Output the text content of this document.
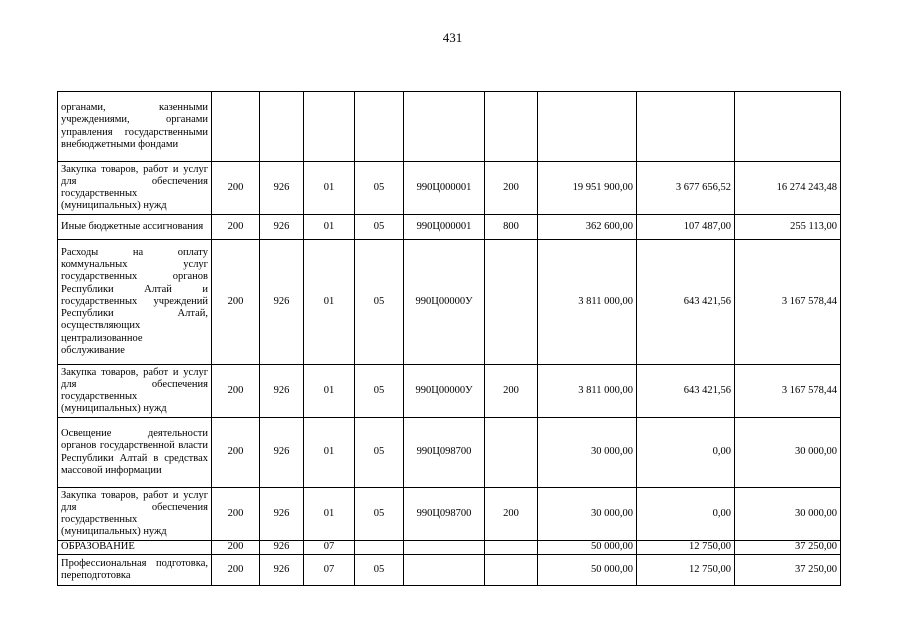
431
органами, казенными учреждениями, органами управления государственными внебюджетными фондами									
Закупка товаров, работ и услуг для обеспечения государственных (муниципальных) нужд	200	926	01	05	990Ц000001	200	19 951 900,00	3 677 656,52	16 274 243,48
Иные бюджетные ассигнования	200	926	01	05	990Ц000001	800	362 600,00	107 487,00	255 113,00
Расходы на оплату коммунальных услуг государственных органов Республики Алтай и государственных учреждений Республики Алтай, осуществляющих централизованное обслуживание	200	926	01	05	990Ц00000У		3 811 000,00	643 421,56	3 167 578,44
Закупка товаров, работ и услуг для обеспечения государственных (муниципальных) нужд	200	926	01	05	990Ц00000У	200	3 811 000,00	643 421,56	3 167 578,44
Освещение деятельности органов государственной власти Республики Алтай в средствах массовой информации	200	926	01	05	990Ц098700		30 000,00	0,00	30 000,00
Закупка товаров, работ и услуг для обеспечения государственных (муниципальных) нужд	200	926	01	05	990Ц098700	200	30 000,00	0,00	30 000,00
ОБРАЗОВАНИЕ	200	926	07				50 000,00	12 750,00	37 250,00
Профессиональная подготовка, переподготовка	200	926	07	05			50 000,00	12 750,00	37 250,00
